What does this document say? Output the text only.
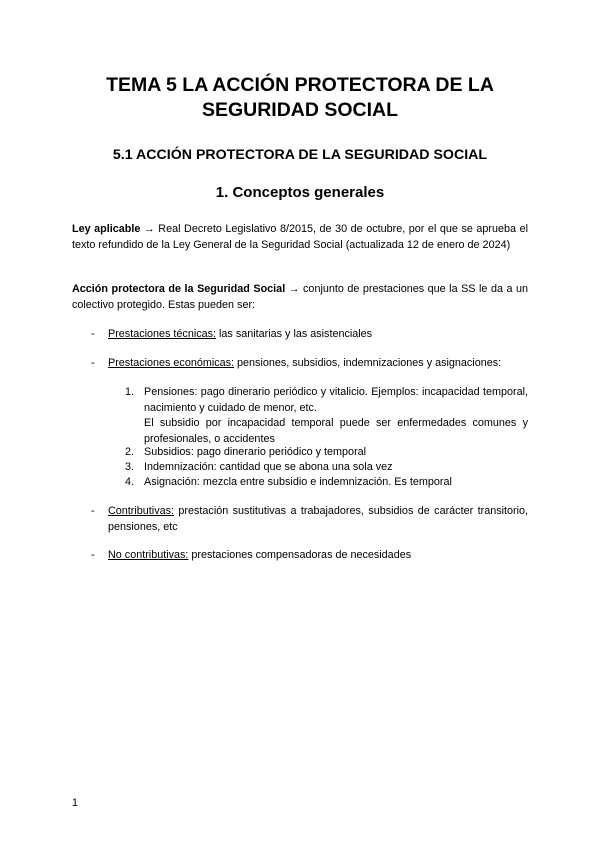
TEMA 5 LA ACCIÓN PROTECTORA DE LA
SEGURIDAD SOCIAL
5.1 ACCIÓN PROTECTORA DE LA SEGURIDAD SOCIAL
1. Conceptos generales

Ley aplicable → Real Decreto Legislativo 8/2015, de 30 de octubre, por el que se aprueba el texto refundido de la Ley General de la Seguridad Social (actualizada 12 de enero de 2024)

Acción protectora de la Seguridad Social → conjunto de prestaciones que la SS le da a un colectivo protegido. Estas pueden ser:

-	Prestaciones técnicas: las sanitarias y las asistenciales
-	Prestaciones económicas: pensiones, subsidios, indemnizaciones y asignaciones:
1. Pensiones: pago dinerario periódico y vitalicio. Ejemplos: incapacidad temporal, nacimiento y cuidado de menor, etc.
El subsidio por incapacidad temporal puede ser enfermedades comunes y profesionales, o accidentes
2. Subsidios: pago dinerario periódico y temporal
3. Indemnización: cantidad que se abona una sola vez
4. Asignación: mezcla entre subsidio e indemnización. Es temporal
-	Contributivas: prestación sustitutivas a trabajadores, subsidios de carácter transitorio, pensiones, etc
-	No contributivas: prestaciones compensadoras de necesidades
1
